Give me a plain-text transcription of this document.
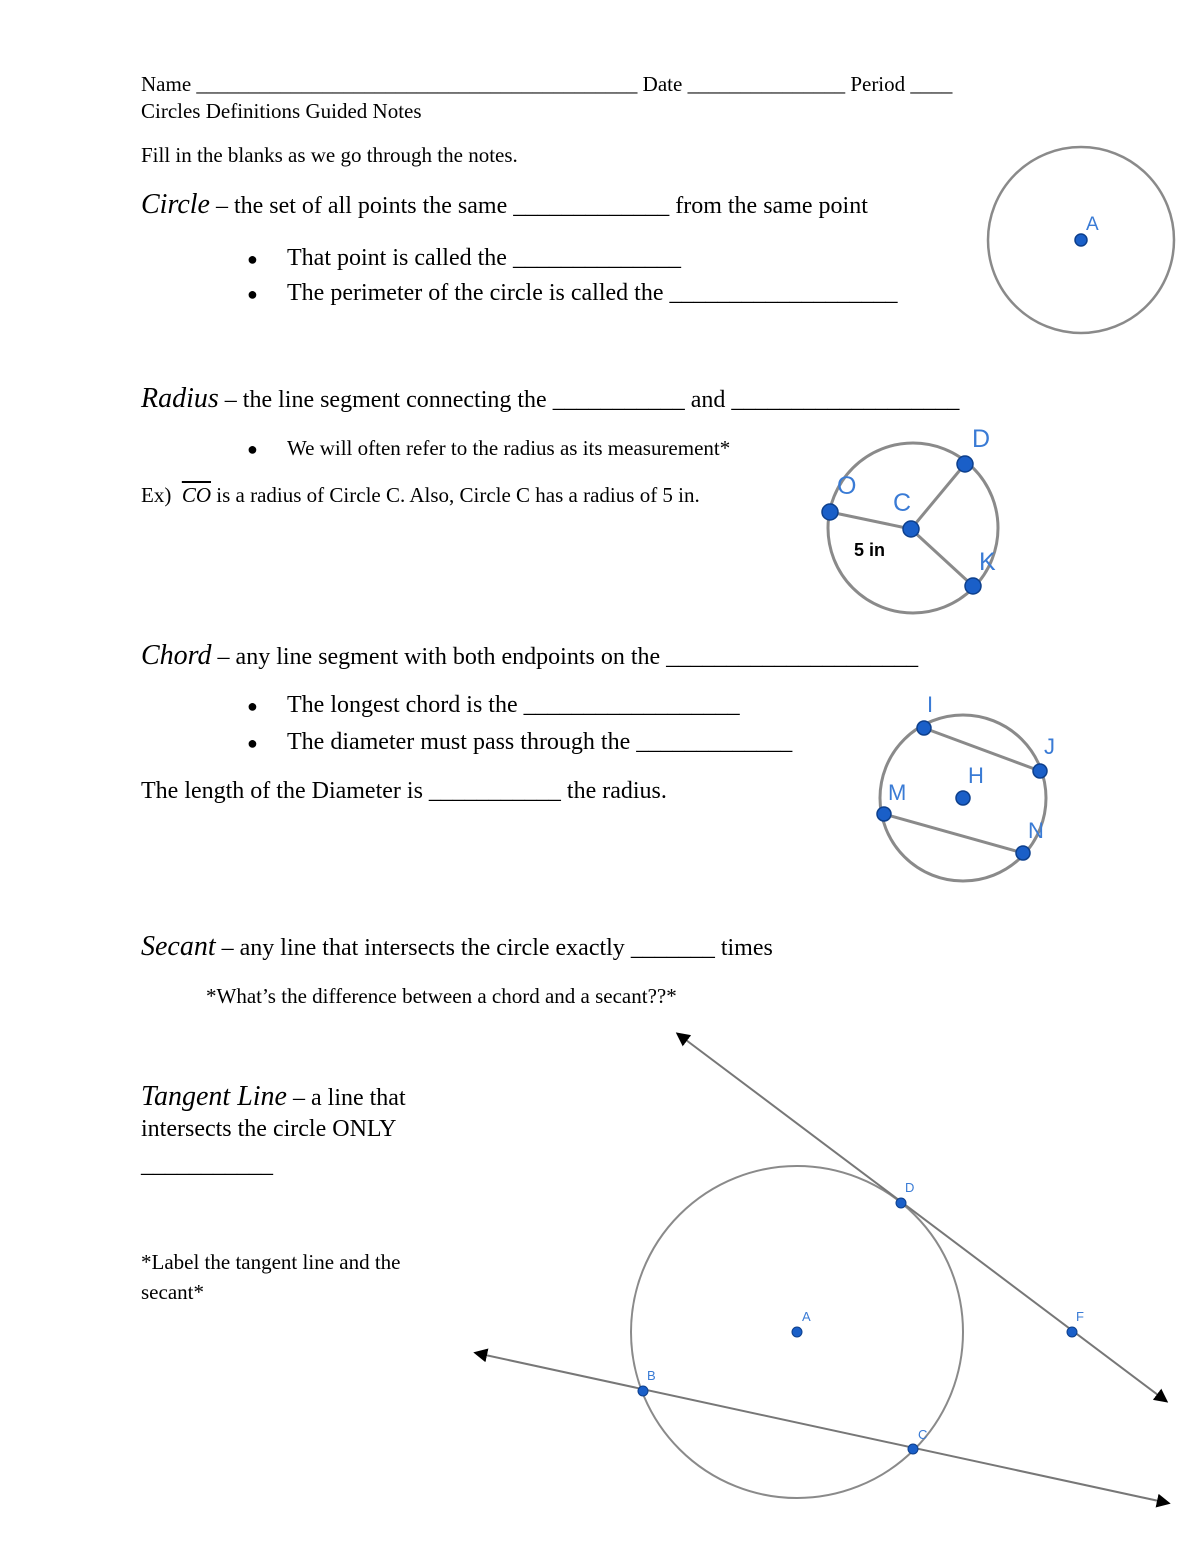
Name __________________________________________ Date _______________ Period ____
Circles Definitions Guided Notes
Fill in the blanks as we go through the notes.
Circle – the set of all points the same _____________ from the same point
● That point is called the ______________
● The perimeter of the circle is called the ___________________
A
Radius – the line segment connecting the ___________ and ___________________
● We will often refer to the radius as its measurement*
Ex) $\overline{CO}$ is a radius of Circle C. Also, Circle C has a radius of 5 in.
D
O
C
K
5 in
Chord – any line segment with both endpoints on the _____________________
● The longest chord is the __________________
● The diameter must pass through the _____________
The length of the Diameter is ___________ the radius.
I
J
H
M
N
Secant – any line that intersects the circle exactly _______ times
*What’s the difference between a chord and a secant??*
Tangent Line – a line that
intersects the circle ONLY
___________
*Label the tangent line and the
secant*
D
A	F
B
C
